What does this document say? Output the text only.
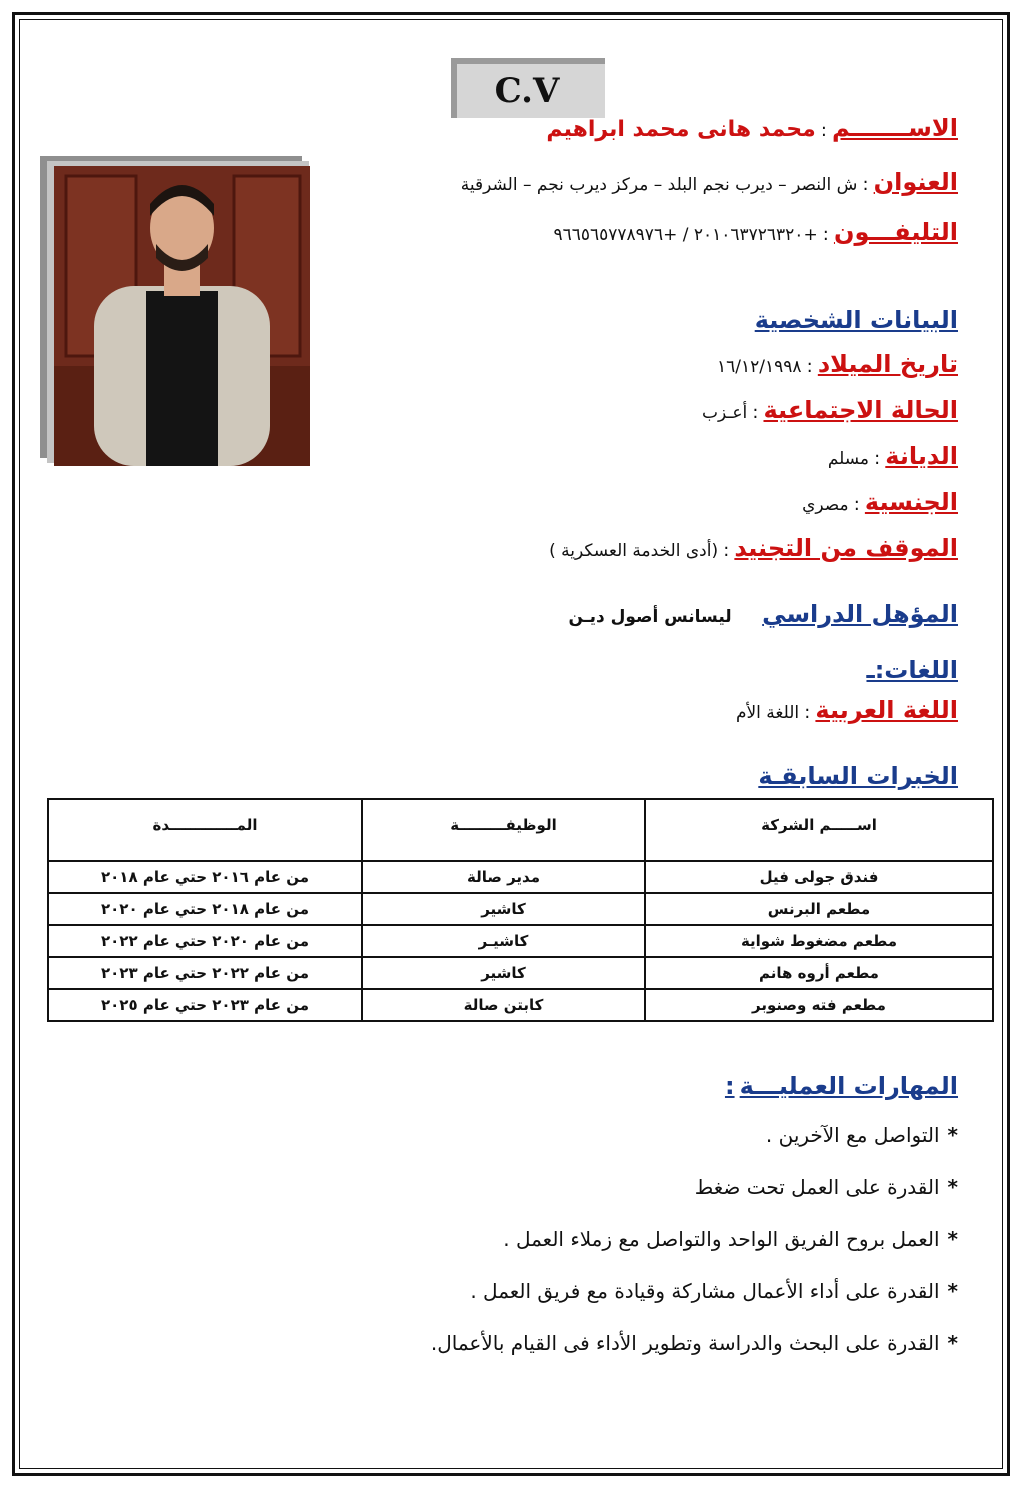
C.V
الاســـــــم : محمد هانى محمد ابراهيم
العنوان : ش النصر – ديرب نجم البلد – مركز ديرب نجم – الشرقية
التليفـــون : +٢٠١٠٦٣٧٢٦٣٢٠ / +٩٦٦٥٦٥٧٧٨٩٧٦
البيانات الشخصية
تاريخ الميلاد : ١٦/١٢/١٩٩٨
الحالة الاجتماعية : أعـزب
الديانة : مسلم
الجنسية : مصري
الموقف من التجنيد : (أدى الخدمة العسكرية )
المؤهل الدراسي      ليسانس أصول ديـن
اللغات:ـ
اللغة العربية : اللغة الأم
الخبرات السابقـة
اســـــم الشركة	الوظيفـــــــــة	المـــــــــــــدة
فندق جولى فيل	مدير صالة	من عام ٢٠١٦ حتي عام ٢٠١٨
مطعم البرنس	كاشير	من عام ٢٠١٨ حتي عام ٢٠٢٠
مطعم مضغوط شواية	كاشيـر	من عام ٢٠٢٠ حتي عام ٢٠٢٢
مطعم أروه هانم	كاشير	من عام ٢٠٢٢ حتي عام ٢٠٢٣
مطعم فته وصنوبر	كابتن صالة	من عام ٢٠٢٣ حتي عام ٢٠٢٥
المهارات العمليـــة :
*التواصل مع الآخرين .
*القدرة على العمل تحت ضغط
*العمل بروح الفريق الواحد والتواصل مع زملاء العمل .
*القدرة على أداء الأعمال مشاركة وقيادة مع فريق العمل .
*القدرة على البحث والدراسة وتطوير الأداء فى القيام بالأعمال.
